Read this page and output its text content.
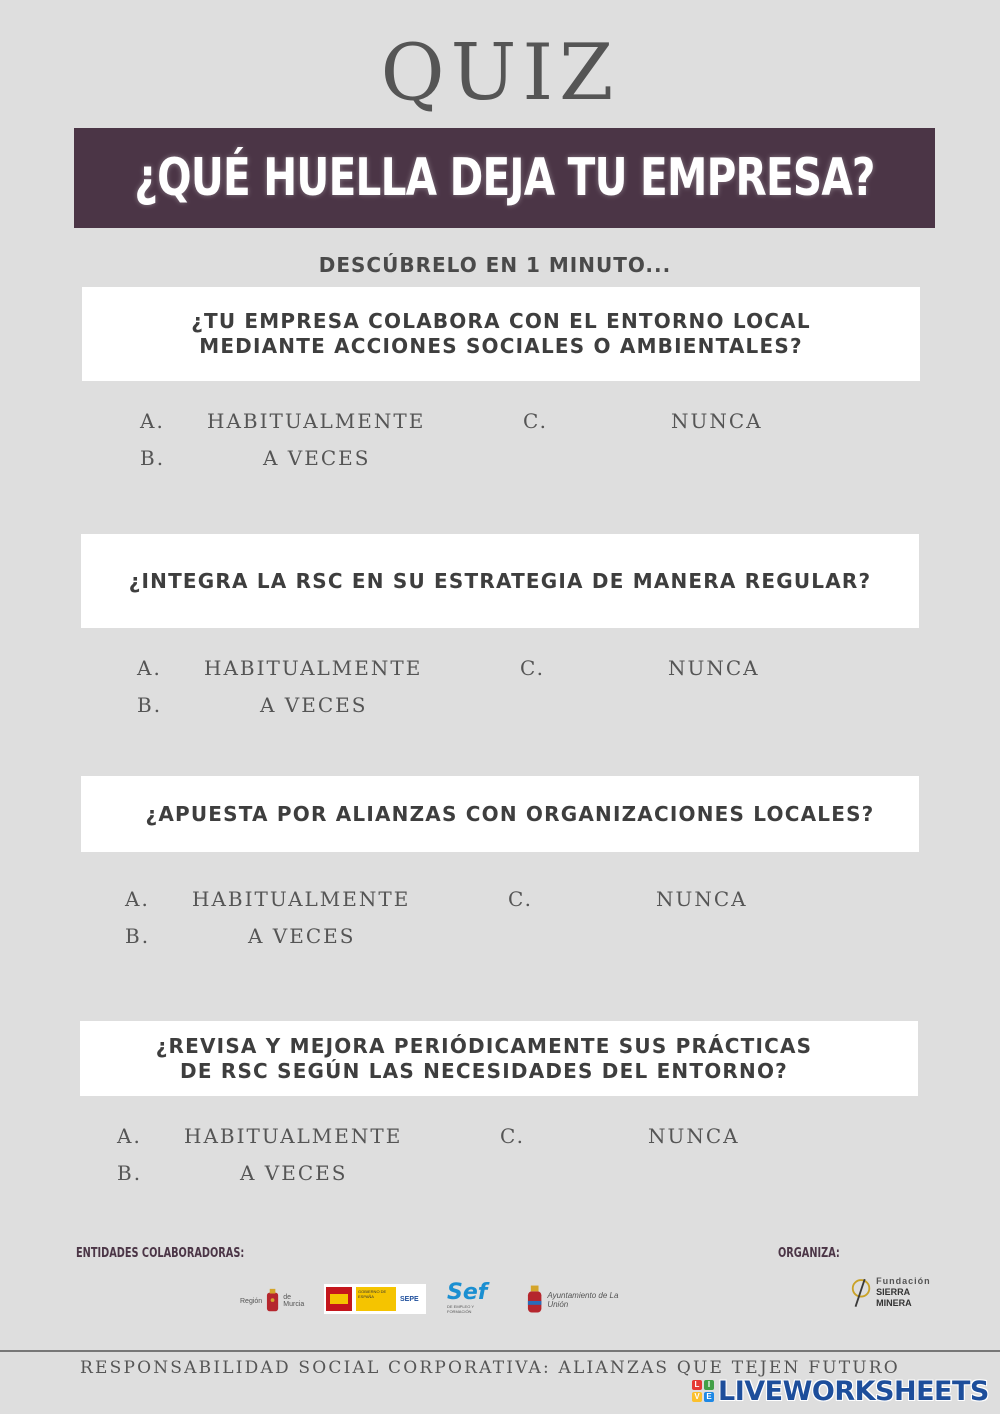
QUIZ
¿QUÉ HUELLA DEJA TU EMPRESA?
DESCÚBRELO EN 1 MINUTO...
¿TU EMPRESA COLABORA CON EL ENTORNO LOCAL
MEDIANTE ACCIONES SOCIALES O AMBIENTALES?
A. HABITUALMENTE	C.	NUNCA
B.	A VECES
¿INTEGRA LA RSC EN SU ESTRATEGIA DE MANERA REGULAR?
A. HABITUALMENTE	C.	NUNCA
B.	A VECES
¿APUESTA POR ALIANZAS CON ORGANIZACIONES LOCALES?
A. HABITUALMENTE	C.	NUNCA
B.	A VECES
¿REVISA Y MEJORA PERIÓDICAMENTE SUS PRÁCTICAS
DE RSC SEGÚN LAS NECESIDADES DEL ENTORNO?
A. HABITUALMENTE	C.	NUNCA
B.	A VECES
ENTIDADES COLABORADORAS:	ORGANIZA:
Región	de Murcia
GOBIERNO DE ESPAÑA	SEPE Sef
DE EMPLEO Y FORMACIÓN
Ayuntamiento de La Unión
Fundación
SIERRA MINERA
RESPONSABILIDAD SOCIAL CORPORATIVA: ALIANZAS QUE TEJEN FUTURO
L	I
V E LIVEWORKSHEETS
